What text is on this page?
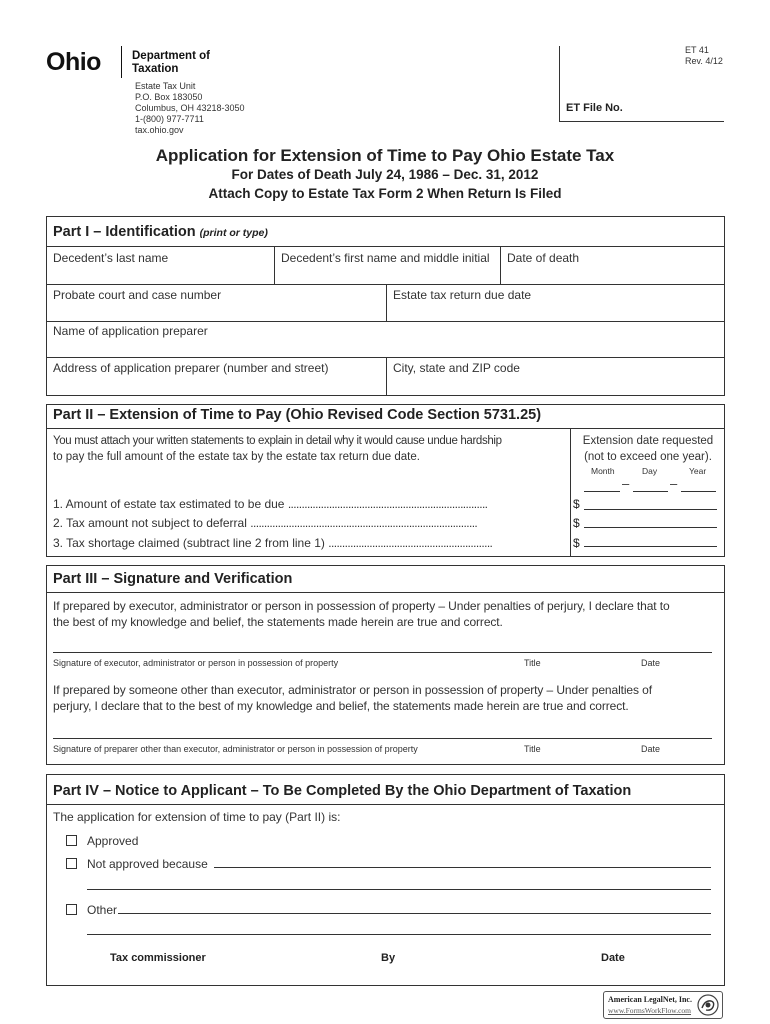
Ohio	Department of
Taxation
Estate Tax Unit
P.O. Box 183050
Columbus, OH 43218-3050
1-(800) 977-7711
tax.ohio.gov
ET 41
Rev. 4/12
ET File No.
Application for Extension of Time to Pay Ohio Estate Tax
For Dates of Death July 24, 1986 – Dec. 31, 2012
Attach Copy to Estate Tax Form 2 When Return Is Filed
Part I – Identification (print or type)
Decedent’s last name	Decedent’s first name and middle initial Date of death
Probate court and case number	Estate tax return due date
Name of application preparer
Address of application preparer (number and street)	City, state and ZIP code
Part II – Extension of Time to Pay (Ohio Revised Code Section 5731.25)
You must attach your written statements to explain in detail why it would cause undue hardship
to pay the full amount of the estate tax by the estate tax return due date.
Extension date requested
(not to exceed one year).
Month	Day	Year
–	–
1. Amount of estate tax estimated to be due .........................................................................	$
2. Tax amount not subject to deferral ...................................................................................	$
3. Tax shortage claimed (subtract line 2 from line 1) ............................................................	$
Part III – Signature and Verification
If prepared by executor, administrator or person in possession of property – Under penalties of perjury, I declare that to
the best of my knowledge and belief, the statements made herein are true and correct.
Signature of executor, administrator or person in possession of property	Title	Date
If prepared by someone other than executor, administrator or person in possession of property – Under penalties of
perjury, I declare that to the best of my knowledge and belief, the statements made herein are true and correct.
Signature of preparer other than executor, administrator or person in possession of property	Title	Date
Part IV – Notice to Applicant – To Be Completed By the Ohio Department of Taxation
The application for extension of time to pay (Part II) is:
Approved
Not approved because
Other
Tax commissioner	By	Date
American LegalNet, Inc.
www.FormsWorkFlow.com
